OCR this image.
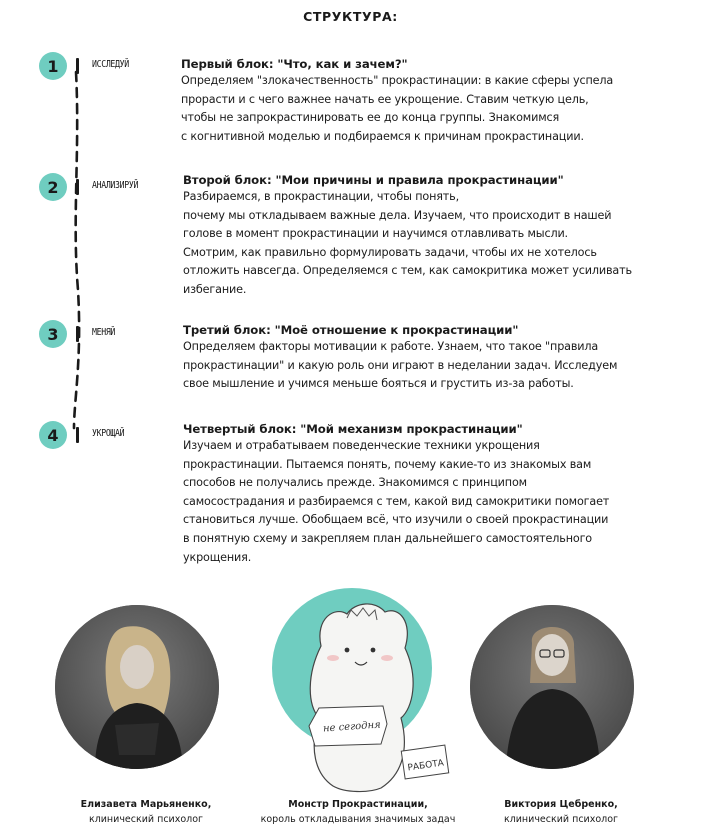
СТРУКТУРА:
1	ИССЛЕДУЙ
2	АНАЛИЗИРУЙ
3	МЕНЯЙ
4	УКРОЩАЙ
Первый блок: "Что, как и зачем?"
Определяем "злокачественность" прокрастинации: в какие сферы успела
прорасти и с чего важнее начать ее укрощение. Ставим четкую цель,
чтобы не запрокрастинировать ее до конца группы. Знакомимся
с когнитивной моделью и подбираемся к причинам прокрастинации.
Второй блок: "Мои причины и правила прокрастинации"
Разбираемся, в прокрастинации, чтобы понять,
почему мы откладываем важные дела. Изучаем, что происходит в нашей
голове в момент прокрастинации и научимся отлавливать мысли.
Смотрим, как правильно формулировать задачи, чтобы их не хотелось
отложить навсегда. Определяемся с тем, как самокритика может усиливать
избегание.
Третий блок: "Моё отношение к прокрастинации"
Определяем факторы мотивации к работе. Узнаем, что такое "правила
прокрастинации" и какую роль они играют в неделании задач. Исследуем
свое мышление и учимся меньше бояться и грустить из-за работы.
Четвертый блок: "Мой механизм прокрастинации"
Изучаем и отрабатываем поведенческие техники укрощения
прокрастинации. Пытаемся понять, почему какие-то из знакомых вам
способов не получались прежде. Знакомимся с принципом
самосострадания и разбираемся с тем, какой вид самокритики помогает
становиться лучше. Обобщаем всё, что изучили о своей прокрастинации
в понятную схему и закрепляем план дальнейшего самостоятельного
укрощения.
не сегодня
РАБОТА
Елизавета Марьяненко,
клинический психолог
Монстр Прокрастинации,
король откладывания значимых задач
Виктория Цебренко,
клинический психолог
